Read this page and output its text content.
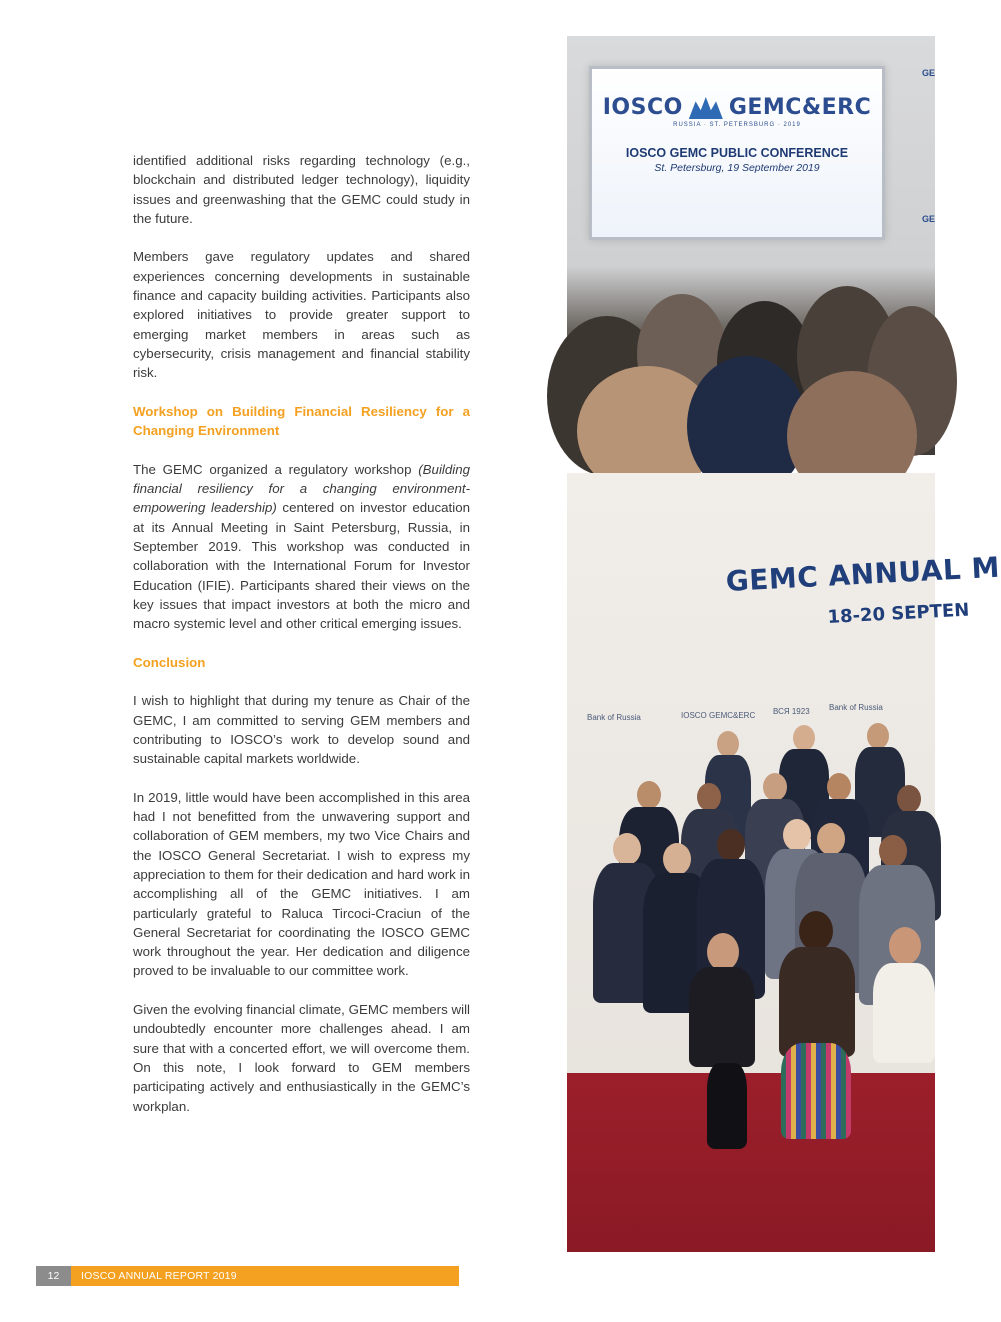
identified additional risks regarding technology (e.g., blockchain and distributed ledger technology), liquidity issues and greenwashing that the GEMC could study in the future.

Members gave regulatory updates and shared experiences concerning developments in sustainable finance and capacity building activities. Participants also explored initiatives to provide greater support to emerging market members in areas such as cybersecurity, crisis management and financial stability risk.

Workshop on Building Financial Resiliency for a Changing Environment

The GEMC organized a regulatory workshop (Building financial resiliency for a changing environment-empowering leadership) centered on investor education at its Annual Meeting in Saint Petersburg, Russia, in September 2019. This workshop was conducted in collaboration with the International Forum for Investor Education (IFIE). Participants shared their views on the key issues that impact investors at both the micro and macro systemic level and other critical emerging issues.

Conclusion

I wish to highlight that during my tenure as Chair of the GEMC, I am committed to serving GEM members and contributing to IOSCO’s work to develop sound and sustainable capital markets worldwide.

In 2019, little would have been accomplished in this area had I not benefitted from the unwavering support and collaboration of GEM members, my two Vice Chairs and the IOSCO General Secretariat. I wish to express my appreciation to them for their dedication and hard work in accomplishing all of the GEMC initiatives. I am particularly grateful to Raluca Tircoci-Craciun of the General Secretariat for coordinating the IOSCO GEMC work throughout the year. Her dedication and diligence proved to be invaluable to our committee work.

Given the evolving financial climate, GEMC members will undoubtedly encounter more challenges ahead. I am sure that with a concerted effort, we will overcome them. On this note, I look forward to GEM members participating actively and enthusiastically in the GEMC’s workplan.

IOSCO GEMC&ERC
RUSSIA · ST. PETERSBURG · 2019
IOSCO GEMC PUBLIC CONFERENCE
St. Petersburg, 19 September 2019
GE
GE
GEMC ANNUAL M
18-20 SEPTEN
Bank of Russia	IOSCO GEMC&ERC ВСЯ 1923 Bank of Russia
12	IOSCO ANNUAL REPORT 2019
